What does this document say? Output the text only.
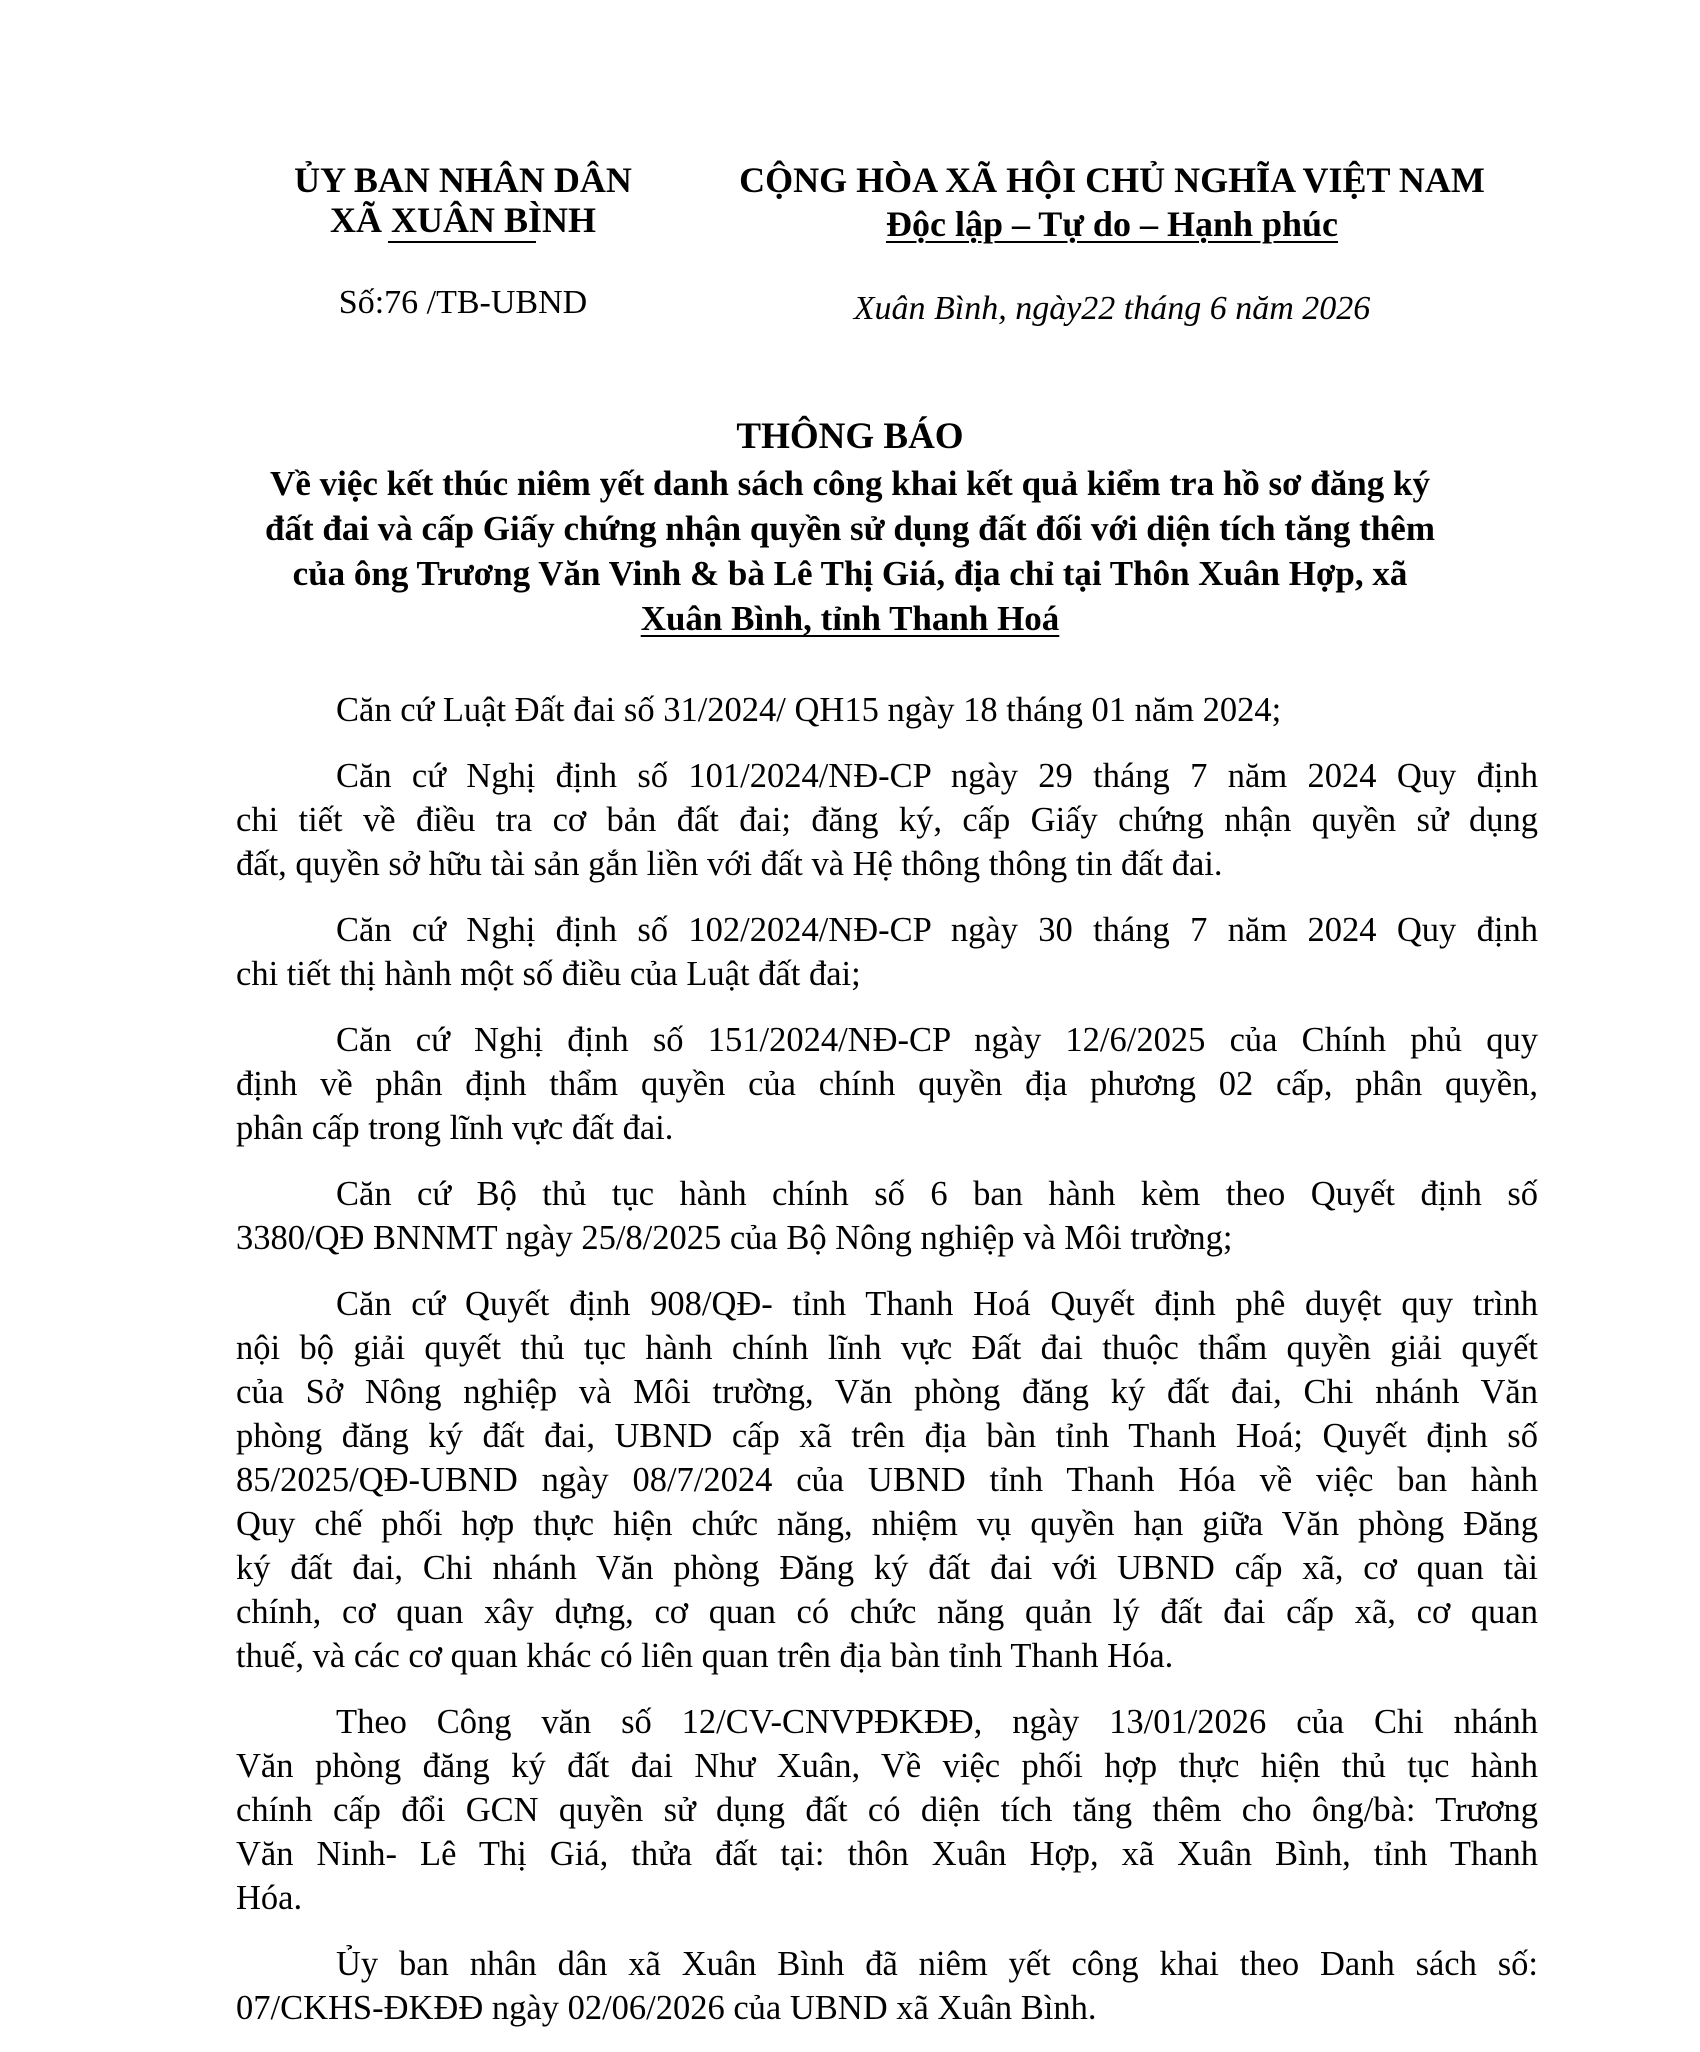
ỦY BAN NHÂN DÂN
XÃ XUÂN BÌNH
Số:76 /TB-UBND
CỘNG HÒA XÃ HỘI CHỦ NGHĨA VIỆT NAM
Độc lập – Tự do – Hạnh phúc
Xuân Bình, ngày22 tháng 6 năm 2026
THÔNG BÁO
Về việc kết thúc niêm yết danh sách công khai kết quả kiểm tra hồ sơ đăng ký
đất đai và cấp Giấy chứng nhận quyền sử dụng đất đối với diện tích tăng thêm
của ông Trương Văn Vinh & bà Lê Thị Giá, địa chỉ tại Thôn Xuân Hợp, xã
Xuân Bình, tỉnh Thanh Hoá
Căn cứ Luật Đất đai số 31/2024/ QH15 ngày 18 tháng 01 năm 2024;
Căn cứ Nghị định số 101/2024/NĐ-CP ngày 29 tháng 7 năm 2024 Quy định
chi tiết về điều tra cơ bản đất đai; đăng ký, cấp Giấy chứng nhận quyền sử dụng
đất, quyền sở hữu tài sản gắn liền với đất và Hệ thông thông tin đất đai.
Căn cứ Nghị định số 102/2024/NĐ-CP ngày 30 tháng 7 năm 2024 Quy định
chi tiết thị hành một số điều của Luật đất đai;
Căn cứ Nghị định số 151/2024/NĐ-CP ngày 12/6/2025 của Chính phủ quy
định về phân định thẩm quyền của chính quyền địa phương 02 cấp, phân quyền,
phân cấp trong lĩnh vực đất đai.
Căn cứ Bộ thủ tục hành chính số 6 ban hành kèm theo Quyết định số
3380/QĐ BNNMT ngày 25/8/2025 của Bộ Nông nghiệp và Môi trường;
Căn cứ Quyết định 908/QĐ- tỉnh Thanh Hoá Quyết định phê duyệt quy trình
nội bộ giải quyết thủ tục hành chính lĩnh vực Đất đai thuộc thẩm quyền giải quyết
của Sở Nông nghiệp và Môi trường, Văn phòng đăng ký đất đai, Chi nhánh Văn
phòng đăng ký đất đai, UBND cấp xã trên địa bàn tỉnh Thanh Hoá; Quyết định số
85/2025/QĐ-UBND ngày 08/7/2024 của UBND tỉnh Thanh Hóa về việc ban hành
Quy chế phối hợp thực hiện chức năng, nhiệm vụ quyền hạn giữa Văn phòng Đăng
ký đất đai, Chi nhánh Văn phòng Đăng ký đất đai với UBND cấp xã, cơ quan tài
chính, cơ quan xây dựng, cơ quan có chức năng quản lý đất đai cấp xã, cơ quan
thuế, và các cơ quan khác có liên quan trên địa bàn tỉnh Thanh Hóa.
Theo Công văn số 12/CV-CNVPĐKĐĐ, ngày 13/01/2026 của Chi nhánh
Văn phòng đăng ký đất đai Như Xuân, Về việc phối hợp thực hiện thủ tục hành
chính cấp đổi GCN quyền sử dụng đất có diện tích tăng thêm cho ông/bà: Trương
Văn Ninh- Lê Thị Giá, thửa đất tại: thôn Xuân Hợp, xã Xuân Bình, tỉnh Thanh
Hóa.
Ủy ban nhân dân xã Xuân Bình đã niêm yết công khai theo Danh sách số:
07/CKHS-ĐKĐĐ ngày 02/06/2026 của UBND xã Xuân Bình.
